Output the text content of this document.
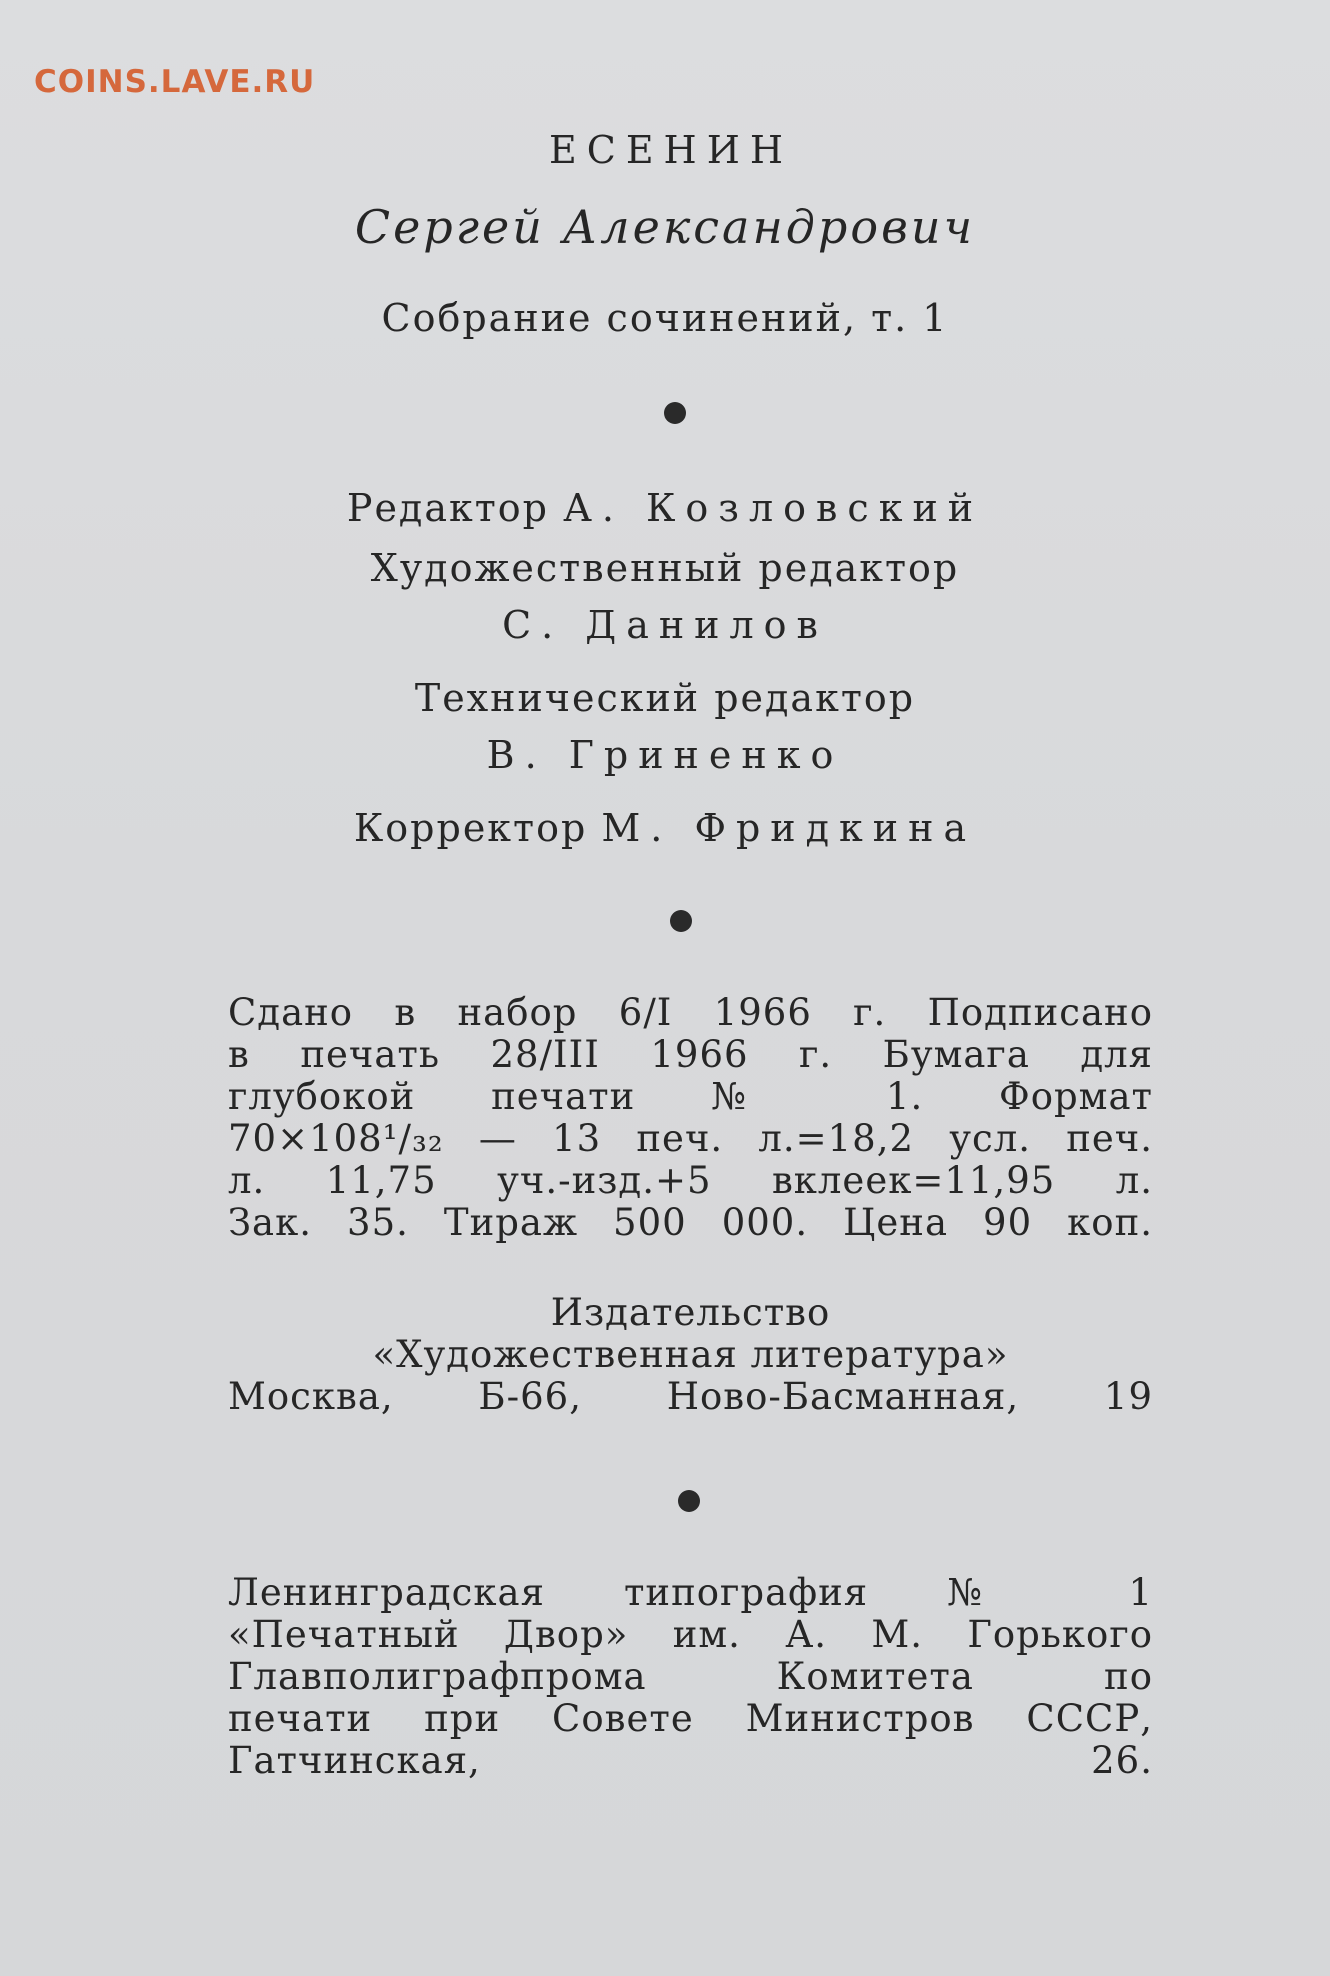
COINS.LAVE.RU
ЕСЕНИН
Сергей Александрович
Собрание сочинений, т. 1
Редактор А. Козловский
Художественный редактор
С. Данилов
Технический редактор
В. Гриненко
Корректор М. Фридкина
Сдано в набор 6/I 1966 г. Подписано
в печать 28/III 1966 г. Бумага для
глубокой печати № 1. Формат
70×108¹/₃₂ — 13 печ. л.=18,2 усл. печ.
л. 11,75 уч.-изд.+5 вклеек=11,95 л.
Зак. 35. Тираж 500 000. Цена 90 коп.
Издательство
«Художественная литература»
Москва, Б-66, Ново-Басманная, 19
Ленинградская типография № 1
«Печатный Двор» им. А. М. Горького
Главполиграфпрома Комитета по
печати при Совете Министров СССР,
Гатчинская, 26.
